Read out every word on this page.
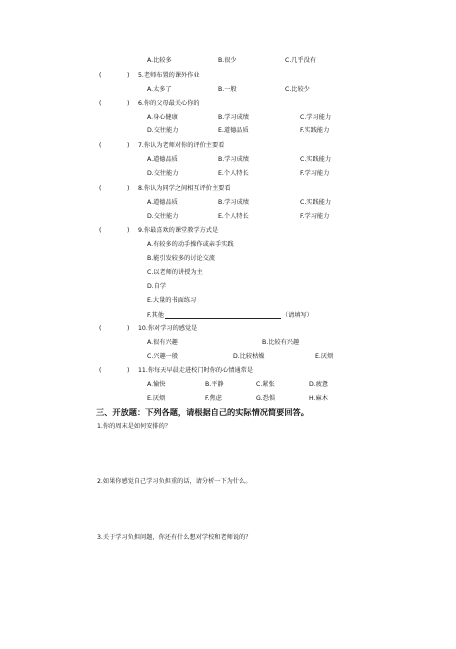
A.比较多	B.很少	C.几乎没有
(	) 5.老师布置的课外作业
A.太多了	B.一般	C.比较少
(	) 6.你的父母最关心你的
A.身心健康	B.学习成绩	C.学习能力
D.交往能力	E.道德品质	F.实践能力
(	) 7.你认为老师对你的评价主要看
A.道德品质	B.学习成绩	C.实践能力
D.交往能力	E.个人特长	F.学习能力
(	) 8.你认为同学之间相互评价主要看
A.道德品质	B.学习成绩	C.实践能力
D.交往能力	E.个人特长	F.学习能力
(	) 9.你最喜欢的课堂教学方式是
A.有较多的动手操作或亲手实践
B.能引发较多的讨论交流
C.以老师的讲授为主
D.自学
E.大量的书面练习
F.其他	（请填写）
(	) 10.你对学习的感觉是
A.很有兴趣	B.比较有兴趣
C.兴趣一般	D.比较枯燥	E.厌烦
(	) 11.你每天早晨走进校门时你的心情通常是
A.愉快	B.平静	C.紧张	D.疲惫
E.厌烦	F.焦虑	G.恐惧	H.麻木
三、开放题：下列各题，请根据自己的实际情况简要回答。
1.你的周末是如何安排的？
2.如果你感觉自己学习负担重的话，请分析一下为什么。
3.关于学习负担问题，你还有什么想对学校和老师说的？
